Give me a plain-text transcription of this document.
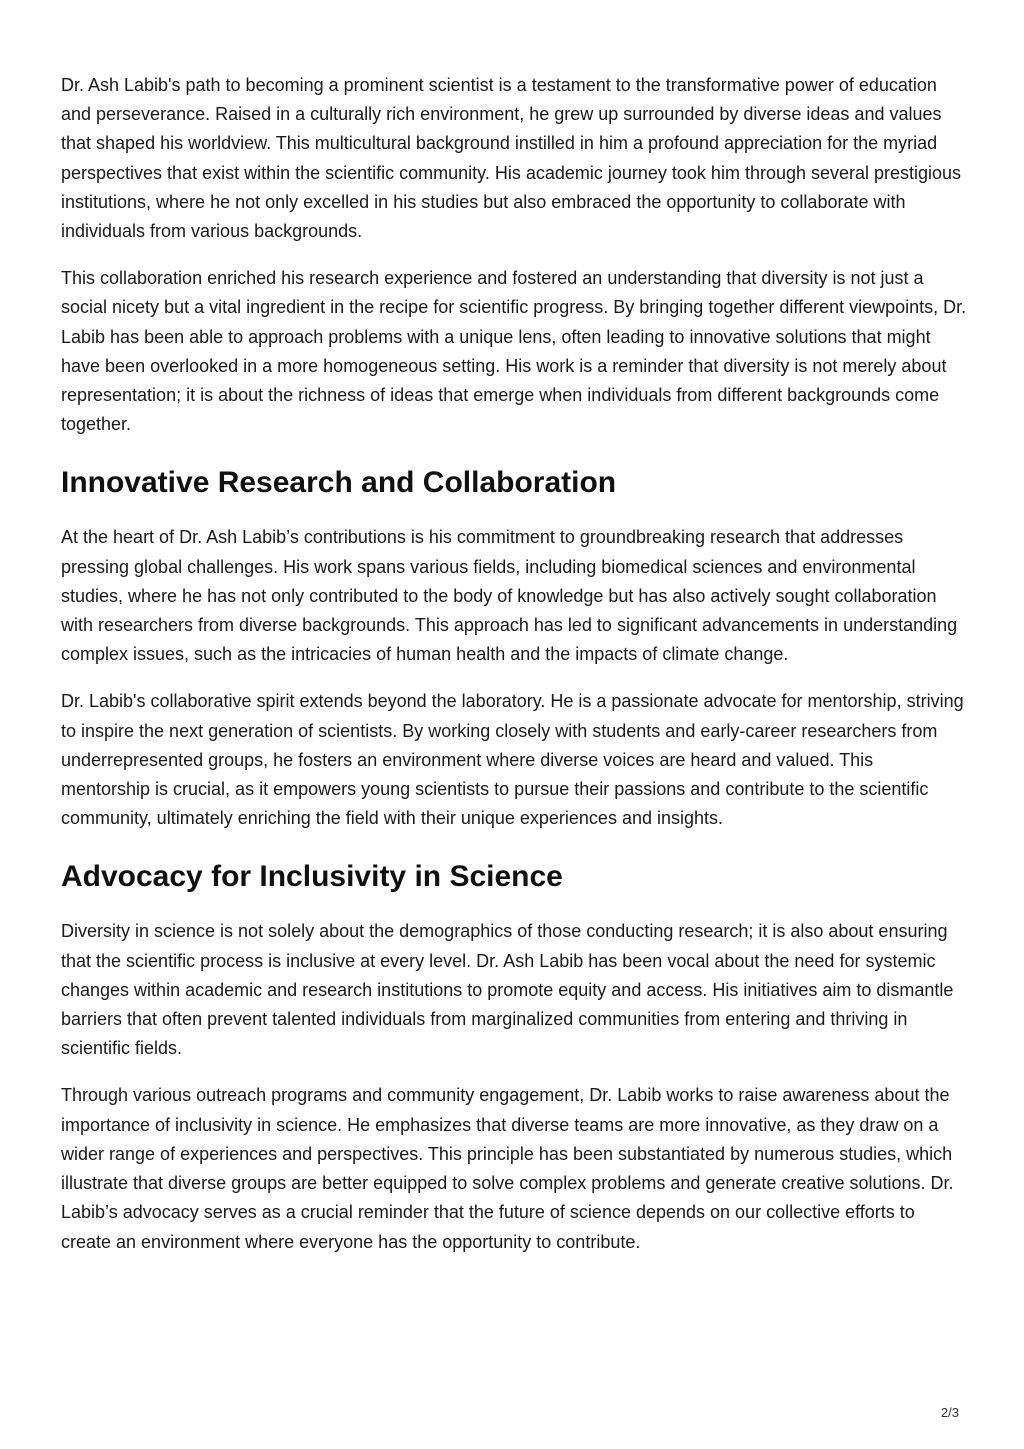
Dr. Ash Labib's path to becoming a prominent scientist is a testament to the transformative power of education and perseverance. Raised in a culturally rich environment, he grew up surrounded by diverse ideas and values that shaped his worldview. This multicultural background instilled in him a profound appreciation for the myriad perspectives that exist within the scientific community. His academic journey took him through several prestigious institutions, where he not only excelled in his studies but also embraced the opportunity to collaborate with individuals from various backgrounds.

This collaboration enriched his research experience and fostered an understanding that diversity is not just a social nicety but a vital ingredient in the recipe for scientific progress. By bringing together different viewpoints, Dr. Labib has been able to approach problems with a unique lens, often leading to innovative solutions that might have been overlooked in a more homogeneous setting. His work is a reminder that diversity is not merely about representation; it is about the richness of ideas that emerge when individuals from different backgrounds come together.

Innovative Research and Collaboration

At the heart of Dr. Ash Labib’s contributions is his commitment to groundbreaking research that addresses pressing global challenges. His work spans various fields, including biomedical sciences and environmental studies, where he has not only contributed to the body of knowledge but has also actively sought collaboration with researchers from diverse backgrounds. This approach has led to significant advancements in understanding complex issues, such as the intricacies of human health and the impacts of climate change.

Dr. Labib's collaborative spirit extends beyond the laboratory. He is a passionate advocate for mentorship, striving to inspire the next generation of scientists. By working closely with students and early-career researchers from underrepresented groups, he fosters an environment where diverse voices are heard and valued. This mentorship is crucial, as it empowers young scientists to pursue their passions and contribute to the scientific community, ultimately enriching the field with their unique experiences and insights.

Advocacy for Inclusivity in Science

Diversity in science is not solely about the demographics of those conducting research; it is also about ensuring that the scientific process is inclusive at every level. Dr. Ash Labib has been vocal about the need for systemic changes within academic and research institutions to promote equity and access. His initiatives aim to dismantle barriers that often prevent talented individuals from marginalized communities from entering and thriving in scientific fields.

Through various outreach programs and community engagement, Dr. Labib works to raise awareness about the importance of inclusivity in science. He emphasizes that diverse teams are more innovative, as they draw on a wider range of experiences and perspectives. This principle has been substantiated by numerous studies, which illustrate that diverse groups are better equipped to solve complex problems and generate creative solutions. Dr. Labib’s advocacy serves as a crucial reminder that the future of science depends on our collective efforts to create an environment where everyone has the opportunity to contribute.

2/3
